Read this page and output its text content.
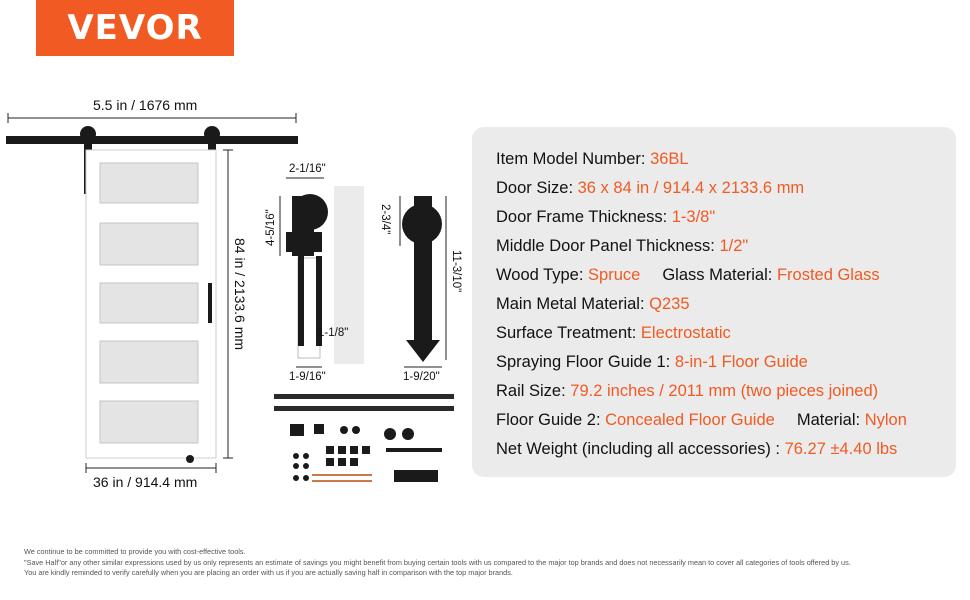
VEVOR
5.5 in / 1676 mm
84 in / 2133.6 mm
36 in / 914.4 mm
2-1/16"
4-5/16"
1-1/8"
1-9/16"
2-3/4"
11-3/10"
1-9/20"
Item Model Number: 36BL
Door Size: 36 x 84 in / 914.4 x 2133.6 mm
Door Frame Thickness: 1-3/8"
Middle Door Panel Thickness: 1/2"
Wood Type: Spruce Glass Material: Frosted Glass
Main Metal Material: Q235
Surface Treatment: Electrostatic
Spraying Floor Guide 1: 8-in-1 Floor Guide
Rail Size: 79.2 inches / 2011 mm (two pieces joined)
Floor Guide 2: Concealed Floor Guide Material: Nylon
Net Weight (including all accessories) : 76.27 ±4.40 lbs
We continue to be committed to provide you with cost-effective tools.
"Save Half"or any other similar expressions used by us only represents an estimate of savings you might benefit from buying certain tools with us compared to the major top brands and does not necessarily mean to cover all categories of tools offered by us.
You are kindly reminded to verify carefully when you are placing an order with us if you are actually saving half in comparison with the top major brands.
